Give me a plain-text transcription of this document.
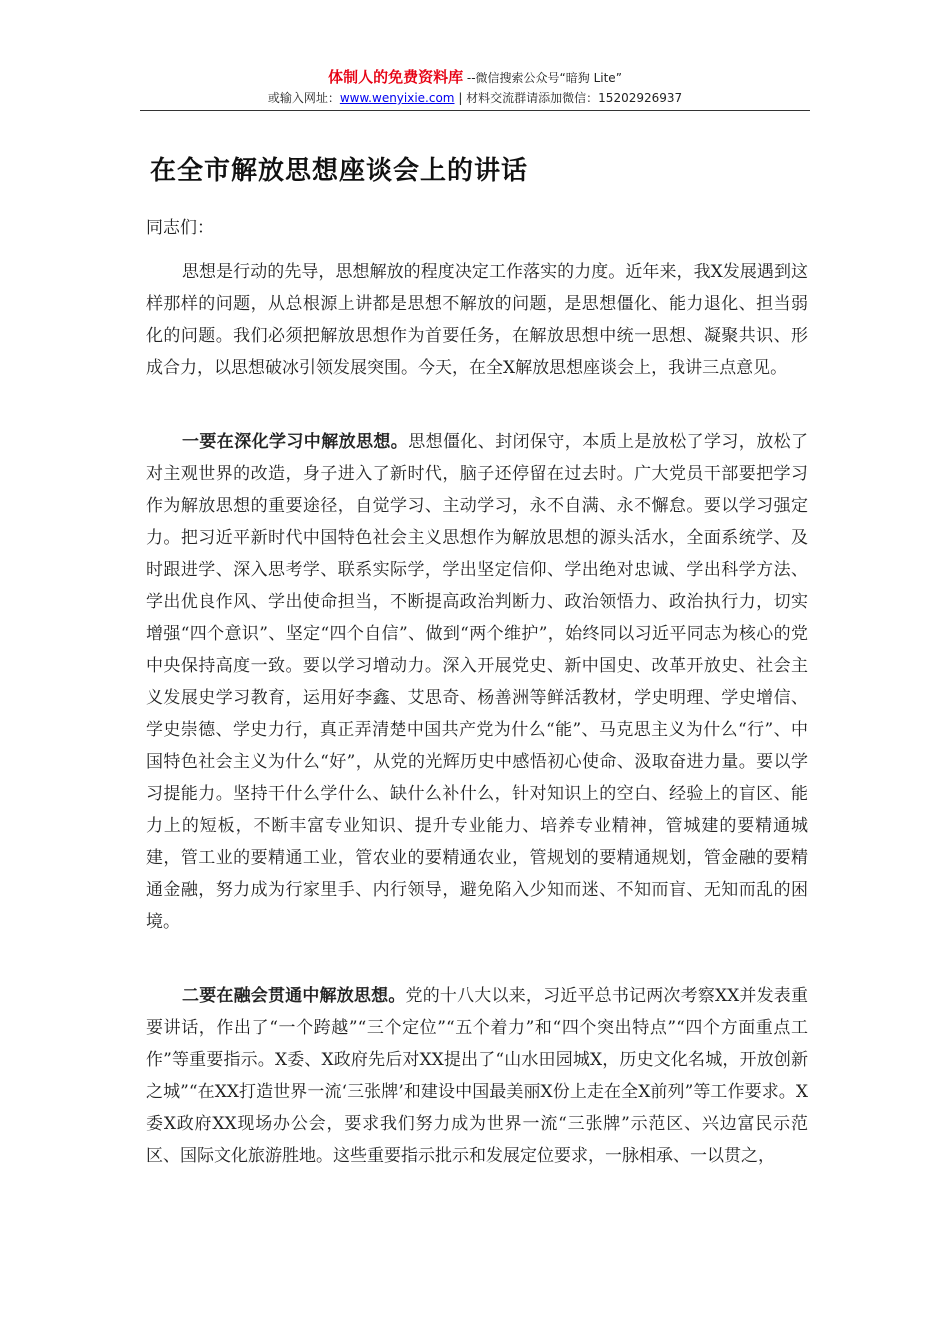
体制人的免费资料库 --微信搜索公众号“暗狗 Lite”
或输入网址：www.wenyixie.com | 材料交流群请添加微信：15202926937
在全市解放思想座谈会上的讲话
同志们：

思想是行动的先导，思想解放的程度决定工作落实的力度。近年来，我X发展遇到这样那样的问题，从总根源上讲都是思想不解放的问题，是思想僵化、能力退化、担当弱化的问题。我们必须把解放思想作为首要任务，在解放思想中统一思想、凝聚共识、形成合力，以思想破冰引领发展突围。今天，在全X解放思想座谈会上，我讲三点意见。

一要在深化学习中解放思想。思想僵化、封闭保守，本质上是放松了学习，放松了对主观世界的改造，身子进入了新时代，脑子还停留在过去时。广大党员干部要把学习作为解放思想的重要途径，自觉学习、主动学习，永不自满、永不懈怠。要以学习强定力。把习近平新时代中国特色社会主义思想作为解放思想的源头活水，全面系统学、及时跟进学、深入思考学、联系实际学，学出坚定信仰、学出绝对忠诚、学出科学方法、学出优良作风、学出使命担当，不断提高政治判断力、政治领悟力、政治执行力，切实增强“四个意识”、坚定“四个自信”、做到“两个维护”，始终同以习近平同志为核心的党中央保持高度一致。要以学习增动力。深入开展党史、新中国史、改革开放史、社会主义发展史学习教育，运用好李鑫、艾思奇、杨善洲等鲜活教材，学史明理、学史增信、学史崇德、学史力行，真正弄清楚中国共产党为什么“能”、马克思主义为什么“行”、中国特色社会主义为什么“好”，从党的光辉历史中感悟初心使命、汲取奋进力量。要以学习提能力。坚持干什么学什么、缺什么补什么，针对知识上的空白、经验上的盲区、能力上的短板，不断丰富专业知识、提升专业能力、培养专业精神，管城建的要精通城建，管工业的要精通工业，管农业的要精通农业，管规划的要精通规划，管金融的要精通金融，努力成为行家里手、内行领导，避免陷入少知而迷、不知而盲、无知而乱的困境。

二要在融会贯通中解放思想。党的十八大以来，习近平总书记两次考察XX并发表重要讲话，作出了“一个跨越”“三个定位”“五个着力”和“四个突出特点”“四个方面重点工作”等重要指示。X委、X政府先后对XX提出了“山水田园城X，历史文化名城，开放创新之城”“在XX打造世界一流‘三张牌’和建设中国最美丽X份上走在全X前列”等工作要求。X委X政府XX现场办公会，要求我们努力成为世界一流“三张牌”示范区、兴边富民示范区、国际文化旅游胜地。这些重要指示批示和发展定位要求，一脉相承、一以贯之，
